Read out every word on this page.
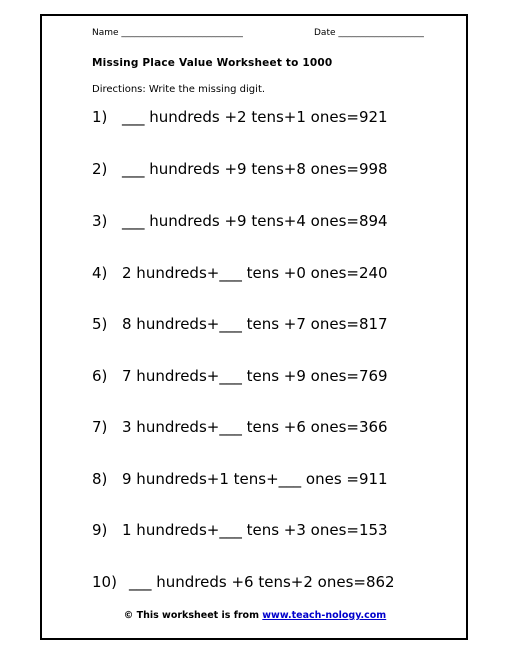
Name ___________________________	Date ___________________
Missing Place Value Worksheet to 1000
Directions: Write the missing digit.
1) ___ hundreds +2 tens+1 ones=921
2) ___ hundreds +9 tens+8 ones=998
3) ___ hundreds +9 tens+4 ones=894
4) 2 hundreds+___ tens +0 ones=240
5) 8 hundreds+___ tens +7 ones=817
6) 7 hundreds+___ tens +9 ones=769
7) 3 hundreds+___ tens +6 ones=366
8) 9 hundreds+1 tens+___ ones =911
9) 1 hundreds+___ tens +3 ones=153
10) ___ hundreds +6 tens+2 ones=862
© This worksheet is from www.teach-nology.com
